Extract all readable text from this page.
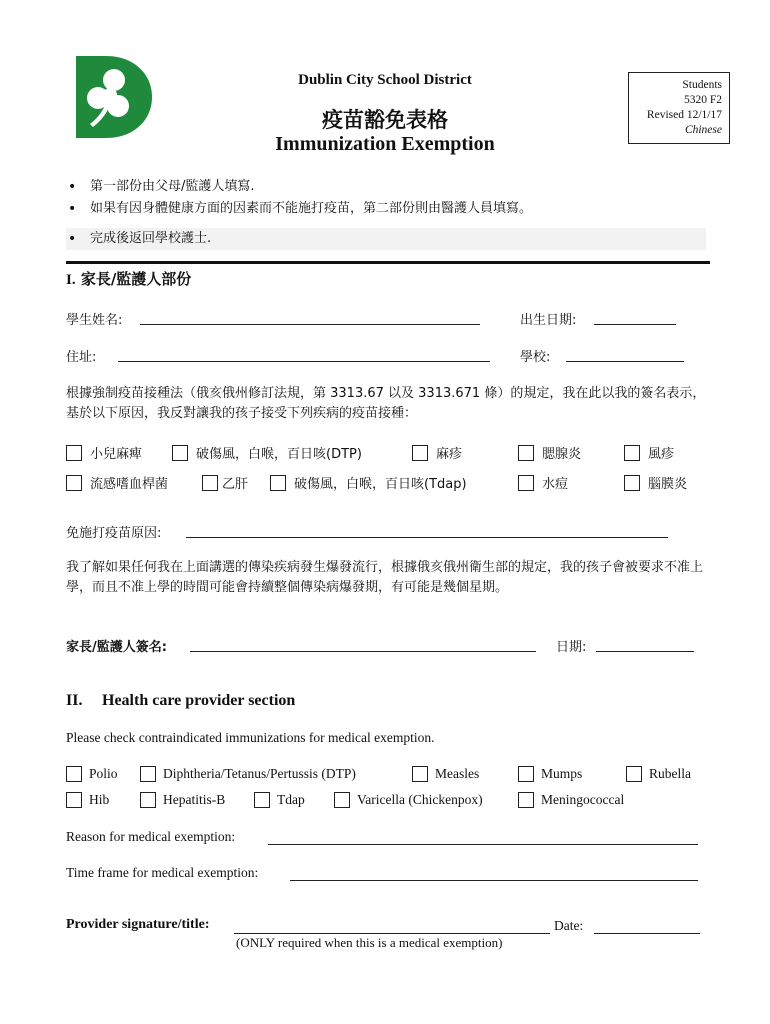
Dublin City School District
疫苗豁免表格
Immunization Exemption
Students
5320 F2
Revised 12/1/17
Chinese
• 第一部份由父母/監護人填寫.
• 如果有因身體健康方面的因素而不能施打疫苗，第二部份則由醫護人員填寫。
• 完成後返回學校護士.
I. 家長/監護人部份
學生姓名:	出生日期:
住址:	學校:
根據強制疫苗接種法（俄亥俄州修訂法規，第 3313.67 以及 3313.671 條）的規定，我在此以我的簽名表示，基於以下原因，我反對讓我的孩子接受下列疾病的疫苗接種：
小兒麻痺	破傷風，白喉，百日咳(DTP)	麻疹	腮腺炎	風疹
流感嗜血桿菌	乙肝	破傷風，白喉，百日咳(Tdap)	水痘	腦膜炎
免施打疫苗原因:
我了解如果任何我在上面講選的傳染疾病發生爆發流行，根據俄亥俄州衛生部的規定，我的孩子會被要求不准上學，而且不准上學的時間可能會持續整個傳染病爆發期，有可能是幾個星期。
家長/監護人簽名:	日期:
II. Health care provider section
Please check contraindicated immunizations for medical exemption.
Polio	Diphtheria/Tetanus/Pertussis (DTP)	Measles	Mumps	Rubella
Hib	Hepatitis-B	Tdap	Varicella (Chickenpox)	Meningococcal
Reason for medical exemption:
Time frame for medical exemption:
Provider signature/title:	Date:
(ONLY required when this is a medical exemption)
